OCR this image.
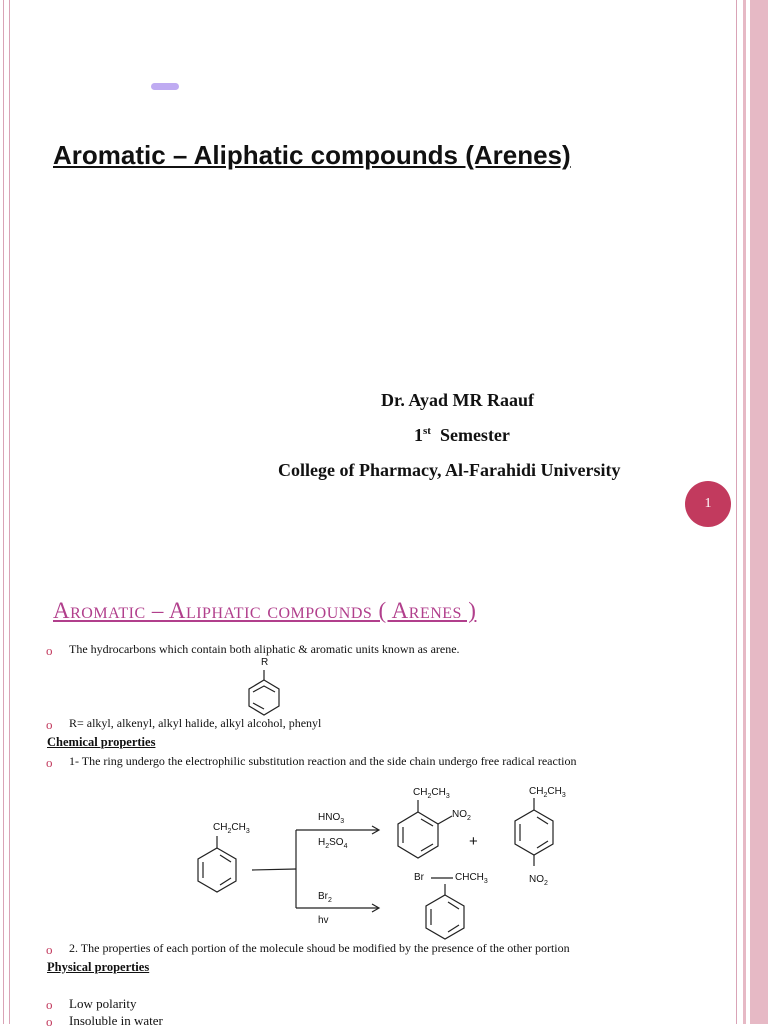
Aromatic – Aliphatic compounds (Arenes)
Dr. Ayad MR Raauf
1st Semester
College of Pharmacy, Al-Farahidi University
1
Aromatic – Aliphatic compounds ( Arenes )
o The hydrocarbons which contain both aliphatic & aromatic units known as arene.
R
o R= alkyl, alkenyl, alkyl halide, alkyl alcohol, phenyl
Chemical properties
o 1- The ring undergo the electrophilic substitution reaction and the side chain undergo free radical reaction
$CH_2CH_3$
$HNO_3$
$H_2SO_4$
$Br_2$
hv
$CH_2CH_3$
$NO_2$
+
$CH_2CH_3$
$NO_2$
Br	$CHCH_3$
o 2. The properties of each portion of the molecule shoud be modified by the presence of the other portion
Physical properties
o Low polarity
o Insoluble in water
